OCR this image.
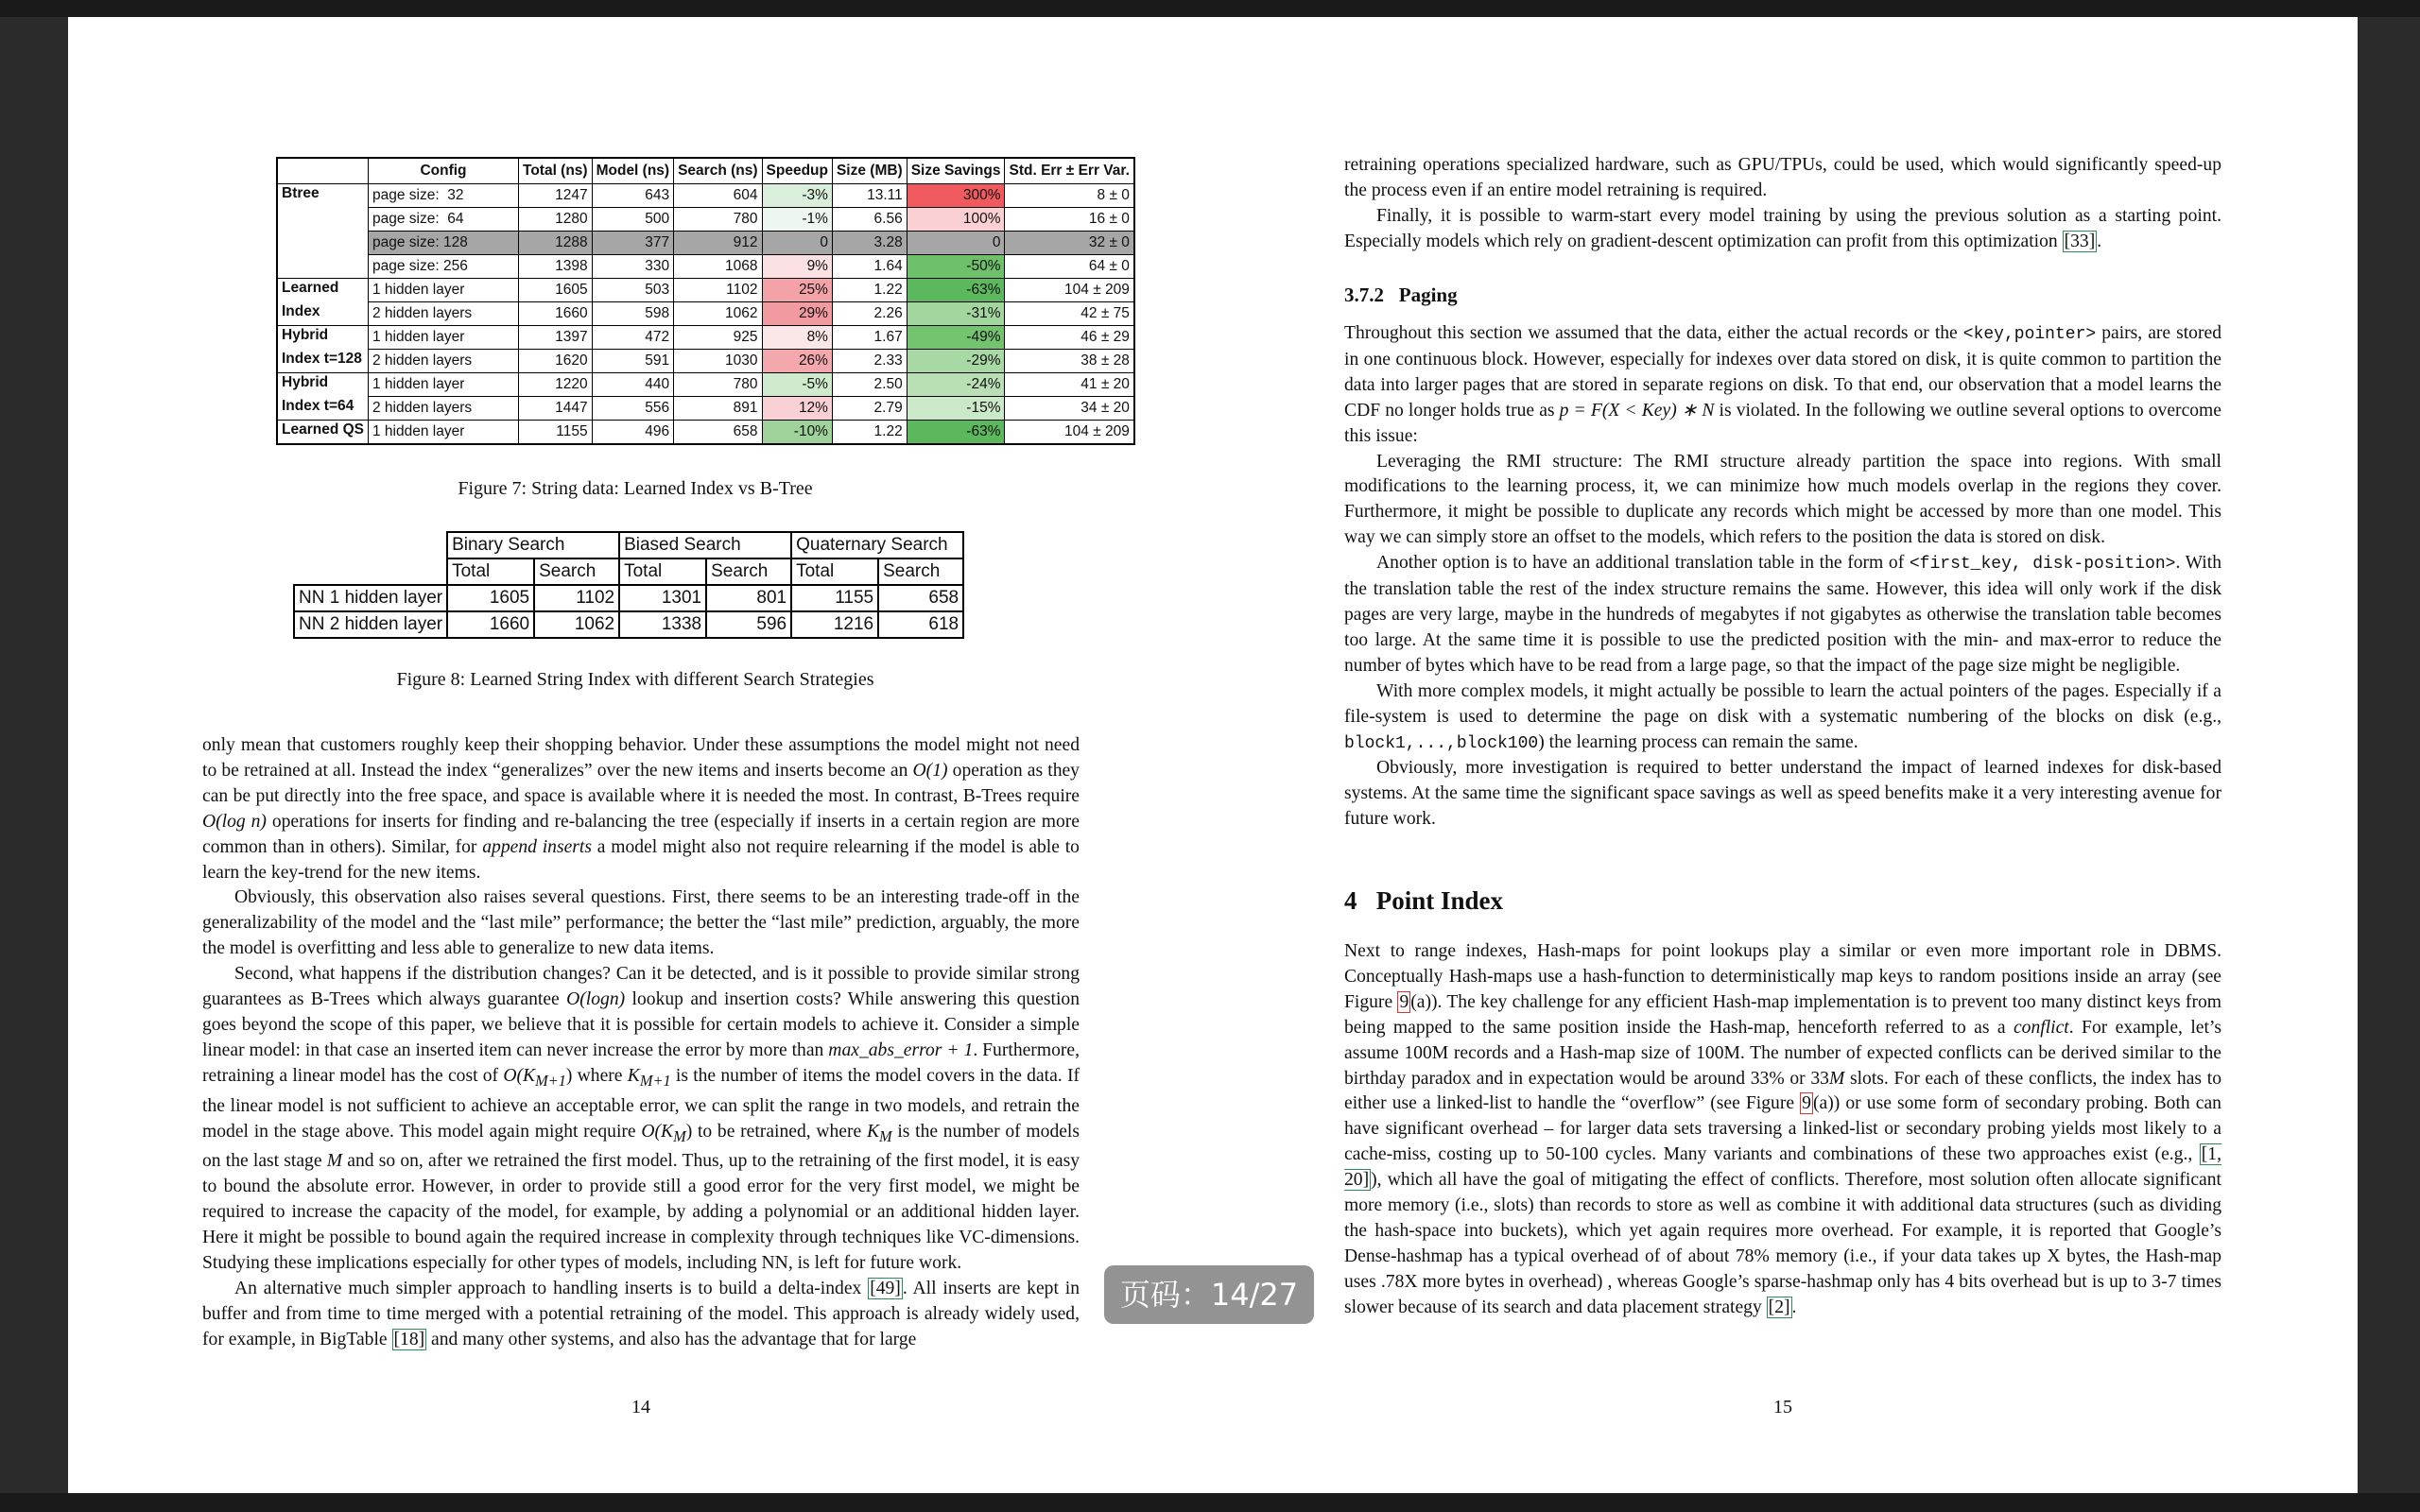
	Config	Total (ns)	Model (ns)	Search (ns)	Speedup	Size (MB)	Size Savings	Std. Err ± Err Var.
Btree	page size:  32	1247	643	604	-3%	13.11	300%	8 ± 0
	page size:  64	1280	500	780	-1%	6.56	100%	16 ± 0
	page size: 128	1288	377	912	0	3.28	0	32 ± 0
	page size: 256	1398	330	1068	9%	1.64	-50%	64 ± 0
Learned	1 hidden layer	1605	503	1102	25%	1.22	-63%	104 ± 209
Index	2 hidden layers	1660	598	1062	29%	2.26	-31%	42 ± 75
Hybrid	1 hidden layer	1397	472	925	8%	1.67	-49%	46 ± 29
Index t=128	2 hidden layers	1620	591	1030	26%	2.33	-29%	38 ± 28
Hybrid	1 hidden layer	1220	440	780	-5%	2.50	-24%	41 ± 20
Index t=64	2 hidden layers	1447	556	891	12%	2.79	-15%	34 ± 20
Learned QS	1 hidden layer	1155	496	658	-10%	1.22	-63%	104 ± 209
Figure 7: String data: Learned Index vs B-Tree
	Binary Search		Biased Search		Quaternary Search	
	Total	Search	Total	Search	Total	Search
NN 1 hidden layer	1605	1102	1301	801	1155	658
NN 2 hidden layer	1660	1062	1338	596	1216	618
Figure 8: Learned String Index with different Search Strategies

only mean that customers roughly keep their shopping behavior. Under these assumptions the model might not need to be retrained at all. Instead the index “generalizes” over the new items and inserts become an O(1) operation as they can be put directly into the free space, and space is available where it is needed the most. In contrast, B-Trees require O(log n) operations for inserts for finding and re-balancing the tree (especially if inserts in a certain region are more common than in others). Similar, for append inserts a model might also not require relearning if the model is able to learn the key-trend for the new items.

Obviously, this observation also raises several questions. First, there seems to be an interesting trade-off in the generalizability of the model and the “last mile” performance; the better the “last mile” prediction, arguably, the more the model is overfitting and less able to generalize to new data items.

Second, what happens if the distribution changes? Can it be detected, and is it possible to provide similar strong guarantees as B-Trees which always guarantee O(logn) lookup and insertion costs? While answering this question goes beyond the scope of this paper, we believe that it is possible for certain models to achieve it. Consider a simple linear model: in that case an inserted item can never increase the error by more than max_abs_error + 1. Furthermore, retraining a linear model has the cost of $O(K_{M+1})$ where $K_{M+1}$ is the number of items the model covers in the data. If the linear model is not sufficient to achieve an acceptable error, we can split the range in two models, and retrain the model in the stage above. This model again might require $O(K_M)$ to be retrained, where $K_M$ is the number of models on the last stage M and so on, after we retrained the first model. Thus, up to the retraining of the first model, it is easy to bound the absolute error. However, in order to provide still a good error for the very first model, we might be required to increase the capacity of the model, for example, by adding a polynomial or an additional hidden layer. Here it might be possible to bound again the required increase in complexity through techniques like VC-dimensions. Studying these implications especially for other types of models, including NN, is left for future work.

An alternative much simpler approach to handling inserts is to build a delta-index [49] . All inserts are kept in buffer and from time to time merged with a potential retraining of the model. This approach is already widely used, for example, in BigTable [18] and many other systems, and also has the advantage that for large

14

retraining operations specialized hardware, such as GPU/TPUs, could be used, which would significantly speed-up the process even if an entire model retraining is required.

Finally, it is possible to warm-start every model training by using the previous solution as a starting point. Especially models which rely on gradient-descent optimization can profit from this optimization [33] .

3.7.2 Paging

Throughout this section we assumed that the data, either the actual records or the <key,pointer> pairs, are stored in one continuous block. However, especially for indexes over data stored on disk, it is quite common to partition the data into larger pages that are stored in separate regions on disk. To that end, our observation that a model learns the CDF no longer holds true as p = F(X < Key) ∗ N is violated. In the following we outline several options to overcome this issue:

Leveraging the RMI structure: The RMI structure already partition the space into regions. With small modifications to the learning process, it, we can minimize how much models overlap in the regions they cover. Furthermore, it might be possible to duplicate any records which might be accessed by more than one model. This way we can simply store an offset to the models, which refers to the position the data is stored on disk.

Another option is to have an additional translation table in the form of <first_key, disk-position>. With the translation table the rest of the index structure remains the same. However, this idea will only work if the disk pages are very large, maybe in the hundreds of megabytes if not gigabytes as otherwise the translation table becomes too large. At the same time it is possible to use the predicted position with the min- and max-error to reduce the number of bytes which have to be read from a large page, so that the impact of the page size might be negligible.

With more complex models, it might actually be possible to learn the actual pointers of the pages. Especially if a file-system is used to determine the page on disk with a systematic numbering of the blocks on disk (e.g., block1,...,block100) the learning process can remain the same.

Obviously, more investigation is required to better understand the impact of learned indexes for disk-based systems. At the same time the significant space savings as well as speed benefits make it a very interesting avenue for future work.

4 Point Index

Next to range indexes, Hash-maps for point lookups play a similar or even more important role in DBMS. Conceptually Hash-maps use a hash-function to deterministically map keys to random positions inside an array (see Figure 9 (a)). The key challenge for any efficient Hash-map implementation is to prevent too many distinct keys from being mapped to the same position inside the Hash-map, henceforth referred to as a conflict. For example, let’s assume 100M records and a Hash-map size of 100M. The number of expected conflicts can be derived similar to the birthday paradox and in expectation would be around 33% or 33M slots. For each of these conflicts, the index has to either use a linked-list to handle the “overflow” (see Figure 9 (a)) or use some form of secondary probing. Both can have significant overhead – for larger data sets traversing a linked-list or secondary probing yields most likely to a cache-miss, costing up to 50-100 cycles. Many variants and combinations of these two approaches exist (e.g., [1, 20] ), which all have the goal of mitigating the effect of conflicts. Therefore, most solution often allocate significant more memory (i.e., slots) than records to store as well as combine it with additional data structures (such as dividing the hash-space into buckets), which yet again requires more overhead. For example, it is reported that Google’s Dense-hashmap has a typical overhead of of about 78% memory (i.e., if your data takes up X bytes, the Hash-map uses .78X more bytes in overhead) , whereas Google’s sparse-hashmap only has 4 bits overhead but is up to 3-7 times slower because of its search and data placement strategy [2] .

15
页码：14/27
